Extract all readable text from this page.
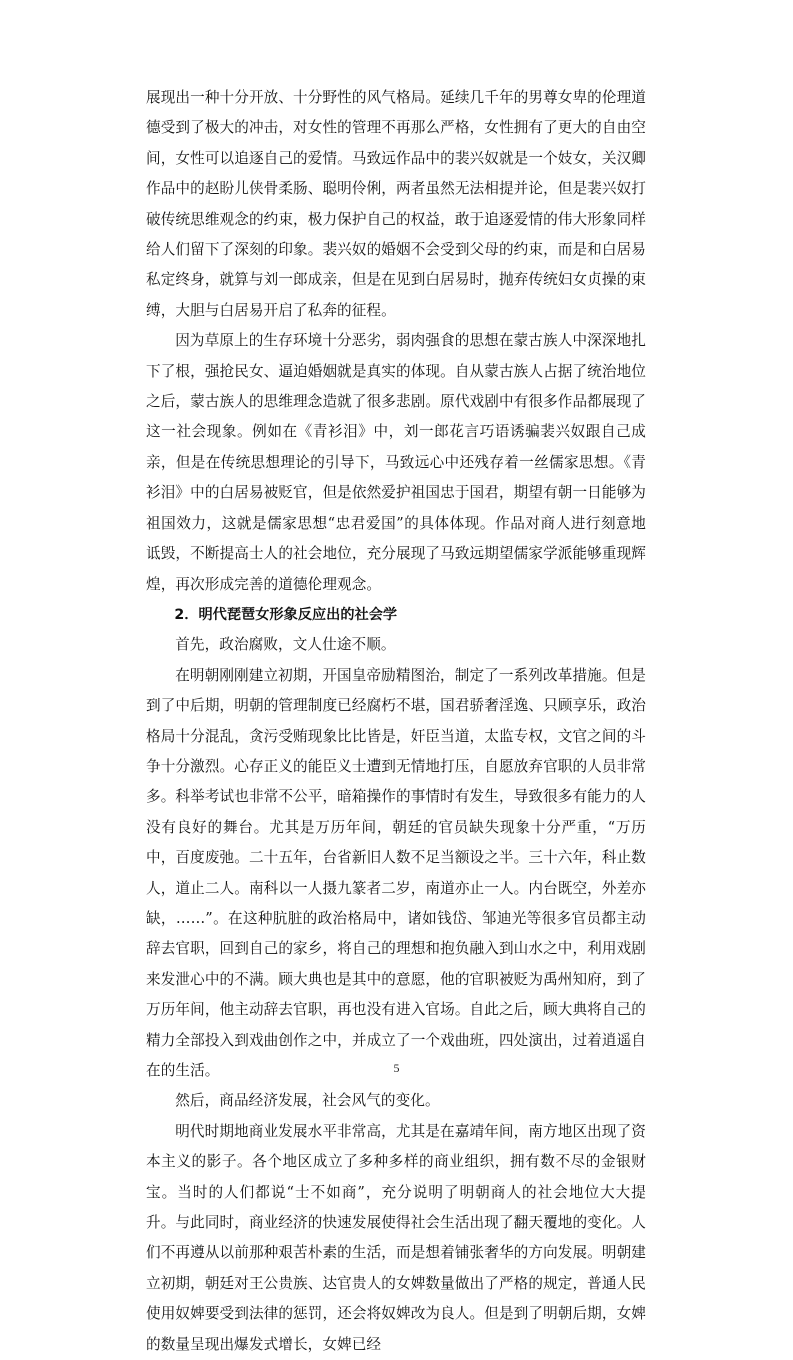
展现出一种十分开放、十分野性的风气格局。延续几千年的男尊女卑的伦理道德受到了极大的冲击，对女性的管理不再那么严格，女性拥有了更大的自由空间，女性可以追逐自己的爱情。马致远作品中的裴兴奴就是一个妓女，关汉卿作品中的赵盼儿侠骨柔肠、聪明伶俐，两者虽然无法相提并论，但是裴兴奴打破传统思维观念的约束，极力保护自己的权益，敢于追逐爱情的伟大形象同样给人们留下了深刻的印象。裴兴奴的婚姻不会受到父母的约束，而是和白居易私定终身，就算与刘一郎成亲，但是在见到白居易时，抛弃传统妇女贞操的束缚，大胆与白居易开启了私奔的征程。

因为草原上的生存环境十分恶劣，弱肉强食的思想在蒙古族人中深深地扎下了根，强抢民女、逼迫婚姻就是真实的体现。自从蒙古族人占据了统治地位之后，蒙古族人的思维理念造就了很多悲剧。原代戏剧中有很多作品都展现了这一社会现象。例如在《青衫泪》中，刘一郎花言巧语诱骗裴兴奴跟自己成亲，但是在传统思想理论的引导下，马致远心中还残存着一丝儒家思想。《青衫泪》中的白居易被贬官，但是依然爱护祖国忠于国君，期望有朝一日能够为祖国效力，这就是儒家思想“忠君爱国”的具体体现。作品对商人进行刻意地诋毁，不断提高士人的社会地位，充分展现了马致远期望儒家学派能够重现辉煌，再次形成完善的道德伦理观念。

2．明代琵琶女形象反应出的社会学

首先，政治腐败，文人仕途不顺。

在明朝刚刚建立初期，开国皇帝励精图治，制定了一系列改革措施。但是到了中后期，明朝的管理制度已经腐朽不堪，国君骄奢淫逸、只顾享乐，政治格局十分混乱，贪污受贿现象比比皆是，奸臣当道，太监专权，文官之间的斗争十分激烈。心存正义的能臣义士遭到无情地打压，自愿放弃官职的人员非常多。科举考试也非常不公平，暗箱操作的事情时有发生，导致很多有能力的人没有良好的舞台。尤其是万历年间，朝廷的官员缺失现象十分严重，“万历中，百度废弛。二十五年，台省新旧人数不足当额设之半。三十六年，科止数人，道止二人。南科以一人摄九篆者二岁，南道亦止一人。内台既空，外差亦缺，……”。在这种肮脏的政治格局中，诸如钱岱、邹迪光等很多官员都主动辞去官职，回到自己的家乡，将自己的理想和抱负融入到山水之中，利用戏剧来发泄心中的不满。顾大典也是其中的意愿，他的官职被贬为禹州知府，到了万历年间，他主动辞去官职，再也没有进入官场。自此之后，顾大典将自己的精力全部投入到戏曲创作之中，并成立了一个戏曲班，四处演出，过着逍遥自在的生活。

然后，商品经济发展，社会风气的变化。

明代时期地商业发展水平非常高，尤其是在嘉靖年间，南方地区出现了资本主义的影子。各个地区成立了多种多样的商业组织，拥有数不尽的金银财宝。当时的人们都说“士不如商”，充分说明了明朝商人的社会地位大大提升。与此同时，商业经济的快速发展使得社会生活出现了翻天覆地的变化。人们不再遵从以前那种艰苦朴素的生活，而是想着铺张奢华的方向发展。明朝建立初期，朝廷对王公贵族、达官贵人的女婢数量做出了严格的规定，普通人民使用奴婢要受到法律的惩罚，还会将奴婢改为良人。但是到了明朝后期，女婢的数量呈现出爆发式增长，女婢已经

5
